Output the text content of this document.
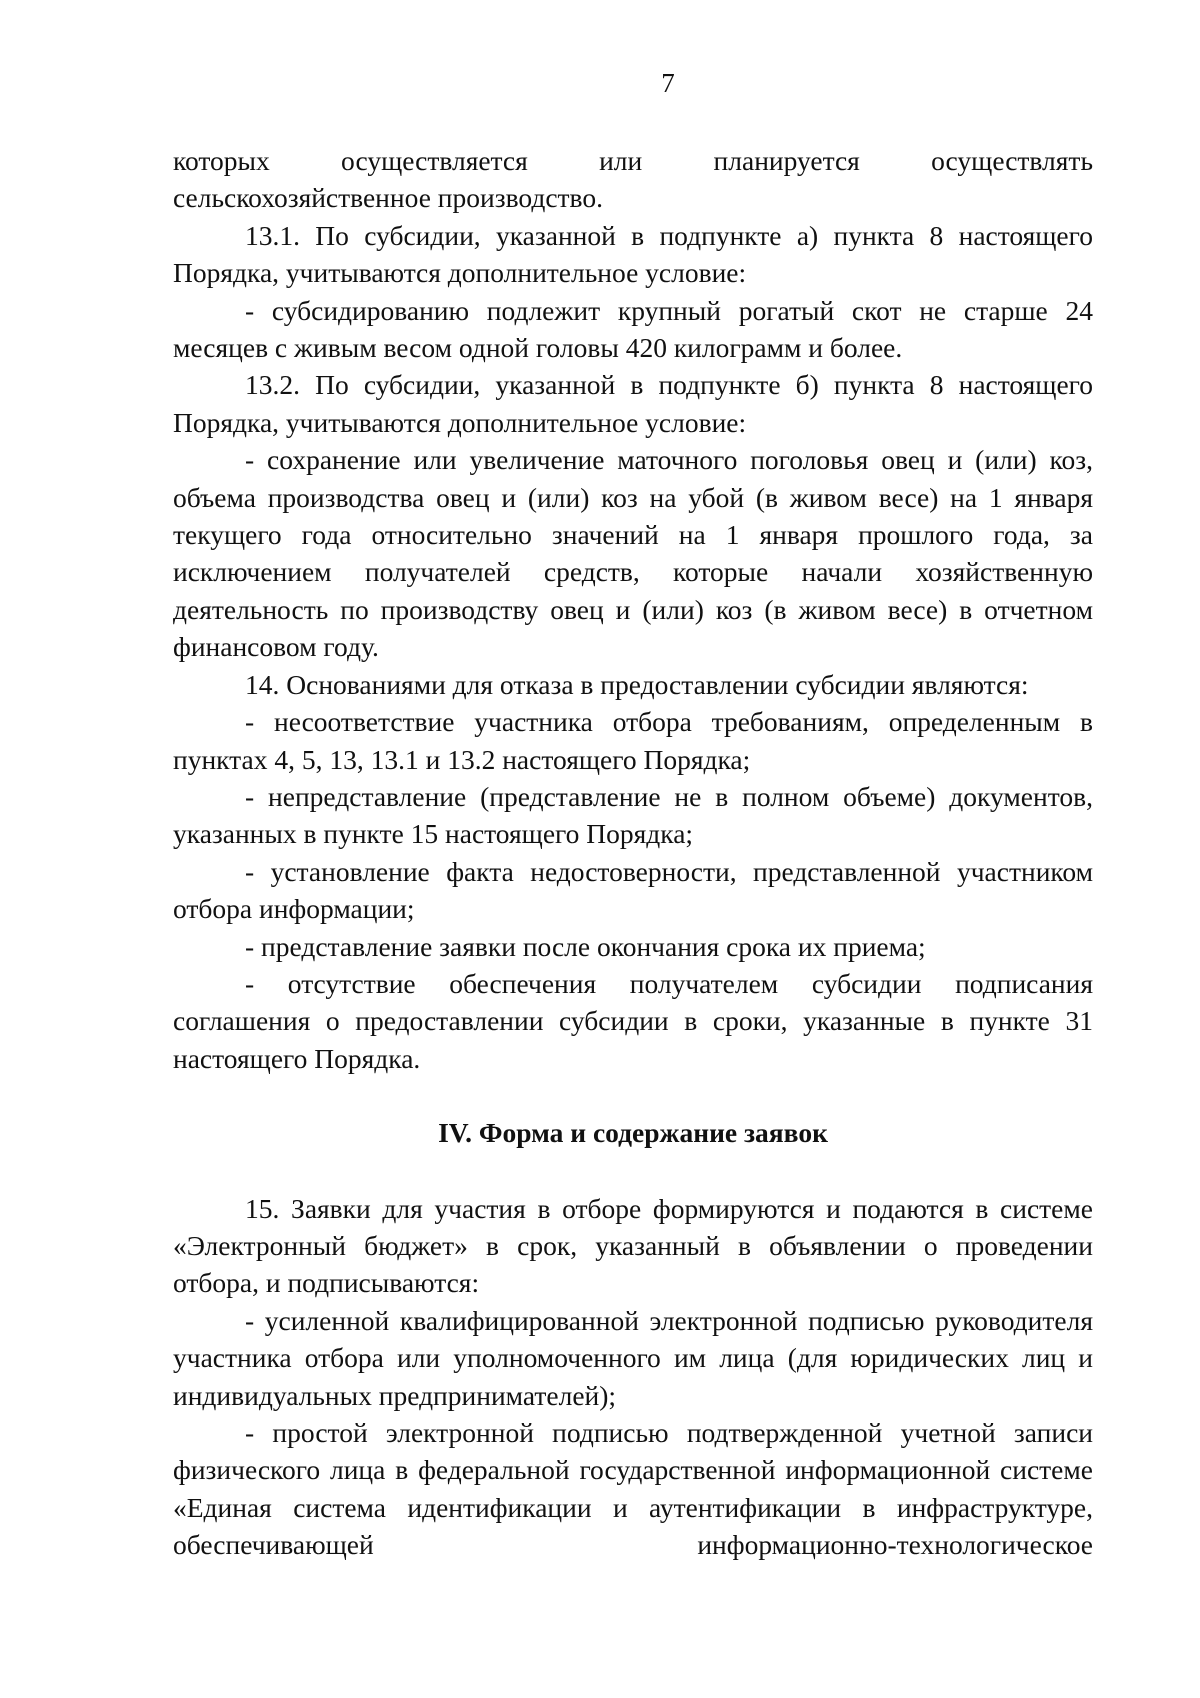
7

которых осуществляется или планируется осуществлять сельскохозяйственное производство.

13.1. По субсидии, указанной в подпункте а) пункта 8 настоящего Порядка, учитываются дополнительное условие:

- субсидированию подлежит крупный рогатый скот не старше 24 месяцев с живым весом одной головы 420 килограмм и более.

13.2. По субсидии, указанной в подпункте б) пункта 8 настоящего Порядка, учитываются дополнительное условие:

- сохранение или увеличение маточного поголовья овец и (или) коз, объема производства овец и (или) коз на убой (в живом весе) на 1 января текущего года относительно значений на 1 января прошлого года, за исключением получателей средств, которые начали хозяйственную деятельность по производству овец и (или) коз (в живом весе) в отчетном финансовом году.

14. Основаниями для отказа в предоставлении субсидии являются:

- несоответствие участника отбора требованиям, определенным в пунктах 4, 5, 13, 13.1 и 13.2 настоящего Порядка;

- непредставление (представление не в полном объеме) документов, указанных в пункте 15 настоящего Порядка;

- установление факта недостоверности, представленной участником отбора информации;

- представление заявки после окончания срока их приема;

- отсутствие обеспечения получателем субсидии подписания соглашения о предоставлении субсидии в сроки, указанные в пункте 31 настоящего Порядка.

IV. Форма и содержание заявок

15. Заявки для участия в отборе формируются и подаются в системе «Электронный бюджет» в срок, указанный в объявлении о проведении отбора, и подписываются:

- усиленной квалифицированной электронной подписью руководителя участника отбора или уполномоченного им лица (для юридических лиц и индивидуальных предпринимателей);

- простой электронной подписью подтвержденной учетной записи физического лица в федеральной государственной информационной системе «Единая система идентификации и аутентификации в инфраструктуре, обеспечивающей информационно-технологическое
